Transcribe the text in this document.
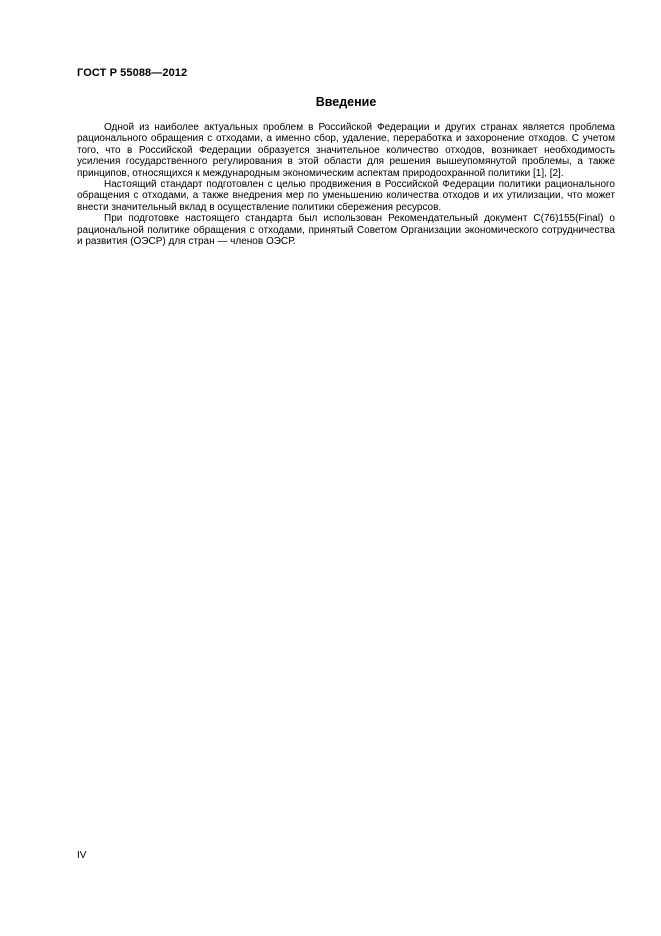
ГОСТ Р 55088—2012
Введение

Одной из наиболее актуальных проблем в Российской Федерации и других странах является проблема рационального обращения с отходами, а именно сбор, удаление, переработка и захоронение отходов. С учетом того, что в Российской Федерации образуется значительное количество отходов, возникает необходимость усиления государственного регулирования в этой области для решения вышеупомянутой проблемы, а также принципов, относящихся к международным экономическим аспектам природоохранной политики [1], [2].

Настоящий стандарт подготовлен с целью продвижения в Российской Федерации политики рационального обращения с отходами, а также внедрения мер по уменьшению количества отходов и их утилизации, что может внести значительный вклад в осуществление политики сбережения ресурсов.

При подготовке настоящего стандарта был использован Рекомендательный документ C(76)155(Final) о рациональной политике обращения с отходами, принятый Советом Организации экономического сотрудничества и развития (ОЭСР) для стран — членов ОЭСР.

IV
